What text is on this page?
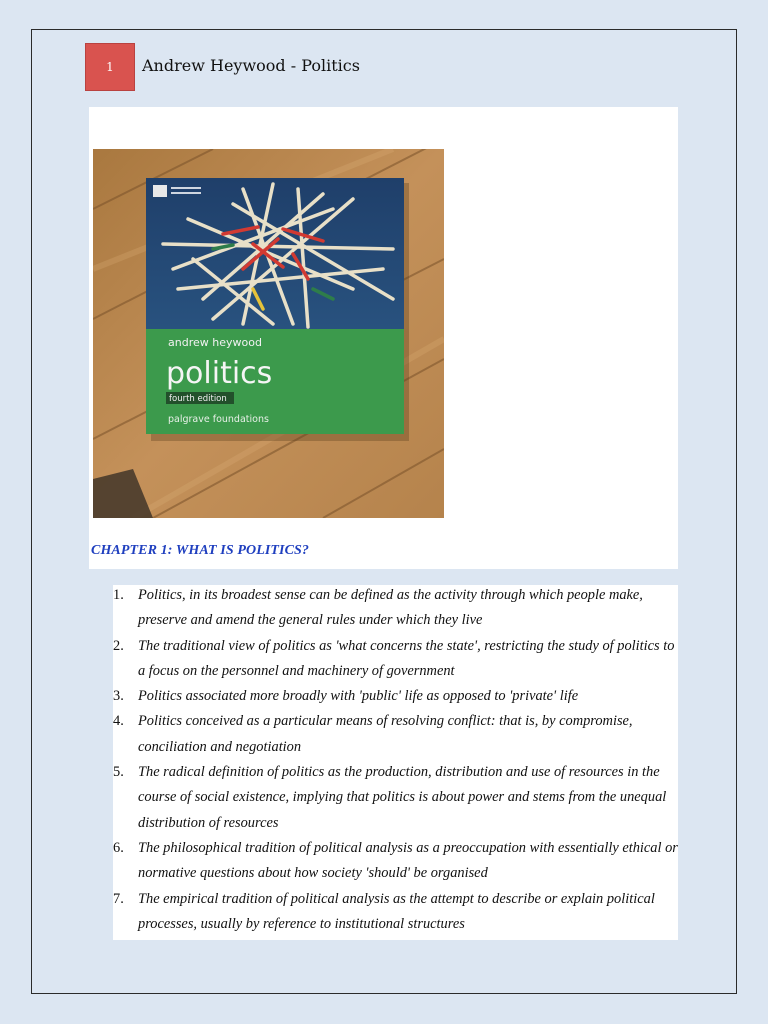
1	Andrew Heywood - Politics
andrew heywood
politics
fourth edition
palgrave foundations
CHAPTER 1: WHAT IS POLITICS?
1. Politics, in its broadest sense can be defined as the activity through which people make, preserve and amend the general rules under which they live
2. The traditional view of politics as 'what concerns the state', restricting the study of politics to a focus on the personnel and machinery of government
3. Politics associated more broadly with 'public' life as opposed to 'private' life
4. Politics conceived as a particular means of resolving conflict: that is, by compromise, conciliation and negotiation
5. The radical definition of politics as the production, distribution and use of resources in the course of social existence, implying that politics is about power and stems from the unequal distribution of resources
6. The philosophical tradition of political analysis as a preoccupation with essentially ethical or normative questions about how society 'should' be organised
7. The empirical tradition of political analysis as the attempt to describe or explain political processes, usually by reference to institutional structures
